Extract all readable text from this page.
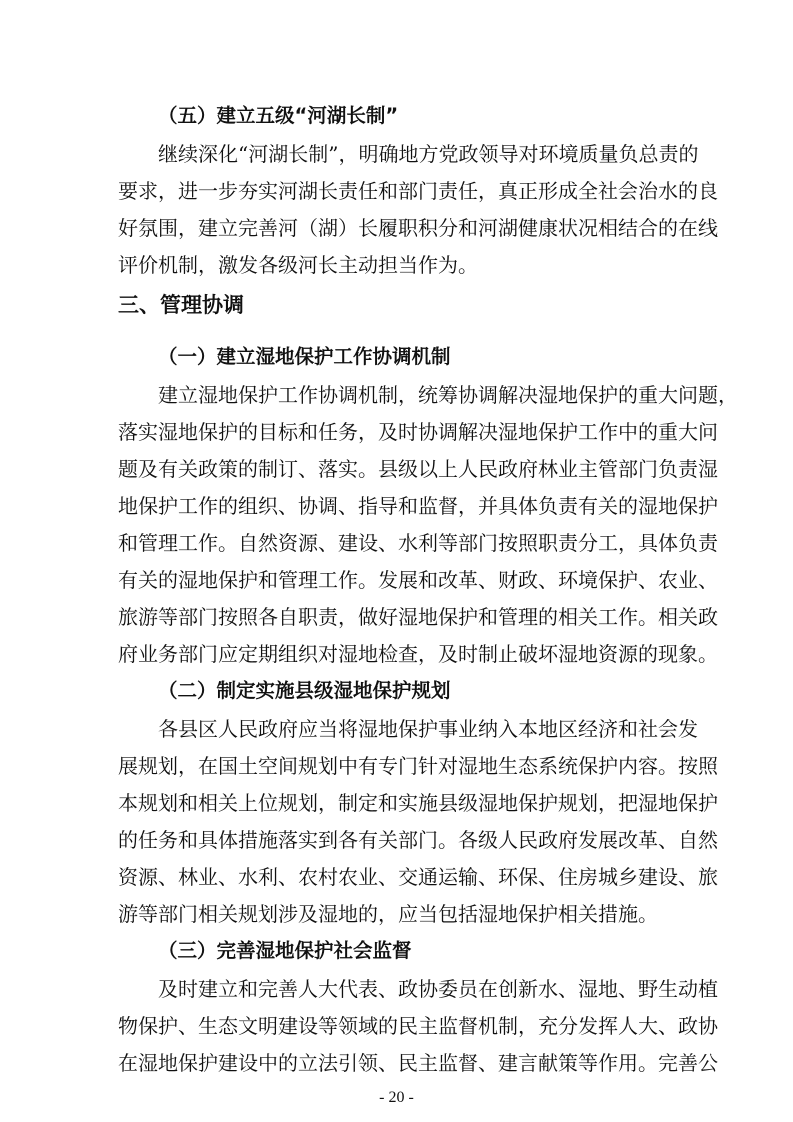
（五）建立五级“河湖长制”
继续深化“河湖长制”，明确地方党政领导对环境质量负总责的
要求，进一步夯实河湖长责任和部门责任，真正形成全社会治水的良
好氛围，建立完善河（湖）长履职积分和河湖健康状况相结合的在线
评价机制，激发各级河长主动担当作为。
三、管理协调
（一）建立湿地保护工作协调机制
建立湿地保护工作协调机制，统筹协调解决湿地保护的重大问题，
落实湿地保护的目标和任务，及时协调解决湿地保护工作中的重大问
题及有关政策的制订、落实。县级以上人民政府林业主管部门负责湿
地保护工作的组织、协调、指导和监督，并具体负责有关的湿地保护
和管理工作。自然资源、建设、水利等部门按照职责分工，具体负责
有关的湿地保护和管理工作。发展和改革、财政、环境保护、农业、
旅游等部门按照各自职责，做好湿地保护和管理的相关工作。相关政
府业务部门应定期组织对湿地检查，及时制止破坏湿地资源的现象。
（二）制定实施县级湿地保护规划
各县区人民政府应当将湿地保护事业纳入本地区经济和社会发
展规划，在国土空间规划中有专门针对湿地生态系统保护内容。按照
本规划和相关上位规划，制定和实施县级湿地保护规划，把湿地保护
的任务和具体措施落实到各有关部门。各级人民政府发展改革、自然
资源、林业、水利、农村农业、交通运输、环保、住房城乡建设、旅
游等部门相关规划涉及湿地的，应当包括湿地保护相关措施。
（三）完善湿地保护社会监督
及时建立和完善人大代表、政协委员在创新水、湿地、野生动植
物保护、生态文明建设等领域的民主监督机制，充分发挥人大、政协
在湿地保护建设中的立法引领、民主监督、建言献策等作用。完善公
- 20 -
